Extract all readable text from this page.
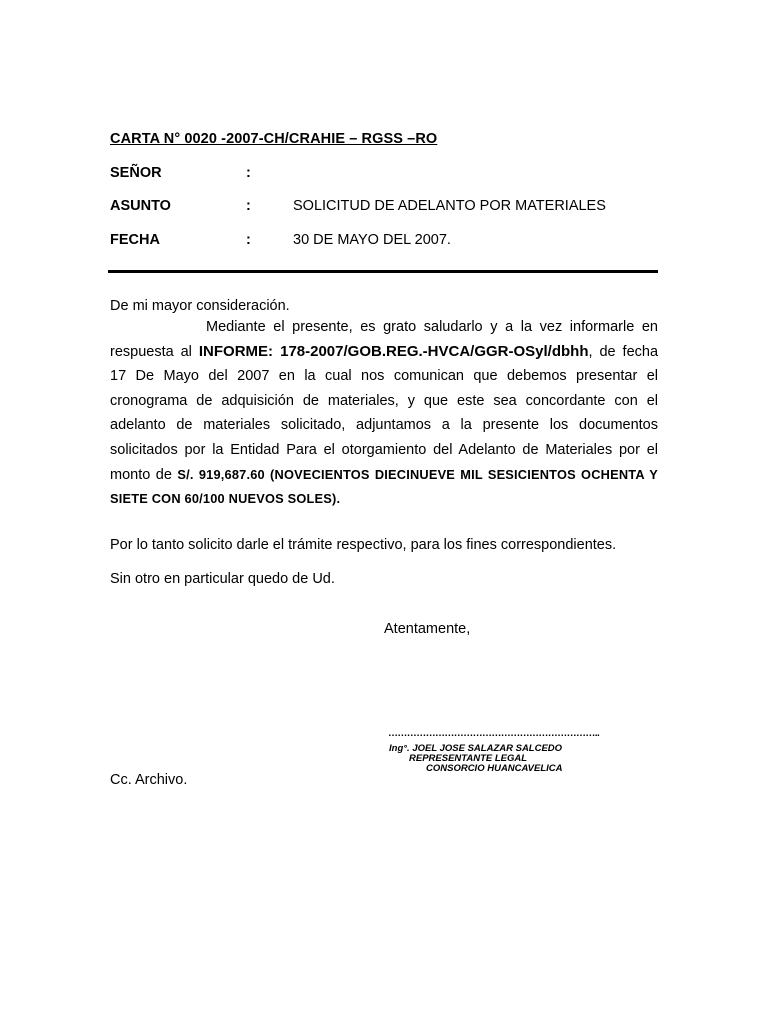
CARTA N° 0020 -2007-CH/CRAHIE – RGSS –RO
SEÑOR	:
ASUNTO	:	SOLICITUD DE ADELANTO POR MATERIALES
FECHA	:	30 DE MAYO DEL 2007.
De mi mayor consideración.
Mediante el presente, es grato saludarlo y a la vez informarle en respuesta al INFORME: 178-2007/GOB.REG.-HVCA/GGR-OSyl/dbhh, de fecha 17 De Mayo del 2007 en la cual nos comunican que debemos presentar el cronograma de adquisición de materiales, y que este sea concordante con el adelanto de materiales solicitado, adjuntamos a la presente los documentos solicitados por la Entidad Para el otorgamiento del Adelanto de Materiales por el monto de S/. 919,687.60 (NOVECIENTOS DIECINUEVE MIL SESICIENTOS OCHENTA Y SIETE CON 60/100 NUEVOS SOLES).
Por lo tanto solicito darle el trámite respectivo, para los fines correspondientes.
Sin otro en particular quedo de Ud.
Atentamente,
…………………………………………………………..
Ing°. JOEL JOSE SALAZAR SALCEDO
REPRESENTANTE LEGAL
CONSORCIO HUANCAVELICA
Cc. Archivo.
